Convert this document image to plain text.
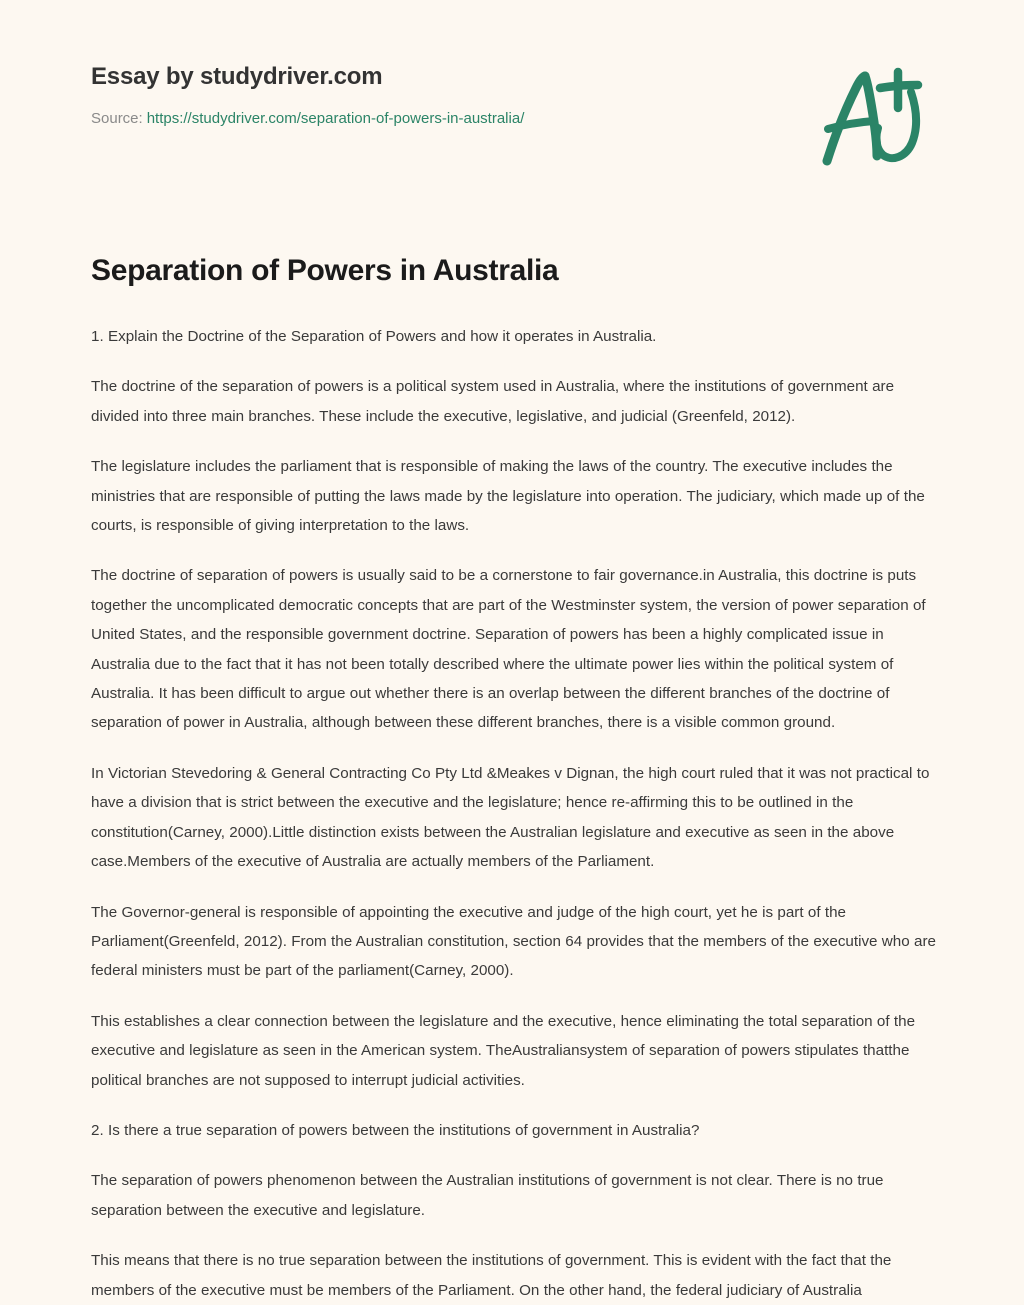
Essay by studydriver.com
Source: https://studydriver.com/separation-of-powers-in-australia/
Separation of Powers in Australia

1. Explain the Doctrine of the Separation of Powers and how it operates in Australia.

The doctrine of the separation of powers is a political system used in Australia, where the institutions of government are divided into three main branches. These include the executive, legislative, and judicial (Greenfeld, 2012).

The legislature includes the parliament that is responsible of making the laws of the country. The executive includes the ministries that are responsible of putting the laws made by the legislature into operation. The judiciary, which made up of the courts, is responsible of giving interpretation to the laws.

The doctrine of separation of powers is usually said to be a cornerstone to fair governance.in Australia, this doctrine is puts together the uncomplicated democratic concepts that are part of the Westminster system, the version of power separation of United States, and the responsible government doctrine. Separation of powers has been a highly complicated issue in Australia due to the fact that it has not been totally described where the ultimate power lies within the political system of Australia. It has been difficult to argue out whether there is an overlap between the different branches of the doctrine of separation of power in Australia, although between these different branches, there is a visible common ground.

In Victorian Stevedoring & General Contracting Co Pty Ltd &Meakes v Dignan, the high court ruled that it was not practical to have a division that is strict between the executive and the legislature; hence re-affirming this to be outlined in the constitution(Carney, 2000).Little distinction exists between the Australian legislature and executive as seen in the above case.Members of the executive of Australia are actually members of the Parliament.

The Governor-general is responsible of appointing the executive and judge of the high court, yet he is part of the Parliament(Greenfeld, 2012). From the Australian constitution, section 64 provides that the members of the executive who are federal ministers must be part of the parliament(Carney, 2000).

This establishes a clear connection between the legislature and the executive, hence eliminating the total separation of the executive and legislature as seen in the American system. TheAustraliansystem of separation of powers stipulates thatthe political branches are not supposed to interrupt judicial activities.

2. Is there a true separation of powers between the institutions of government in Australia?

The separation of powers phenomenon between the Australian institutions of government is not clear. There is no true separation between the executive and legislature.

This means that there is no true separation between the institutions of government. This is evident with the fact that the members of the executive must be members of the Parliament. On the other hand, the federal judiciary of Australia
